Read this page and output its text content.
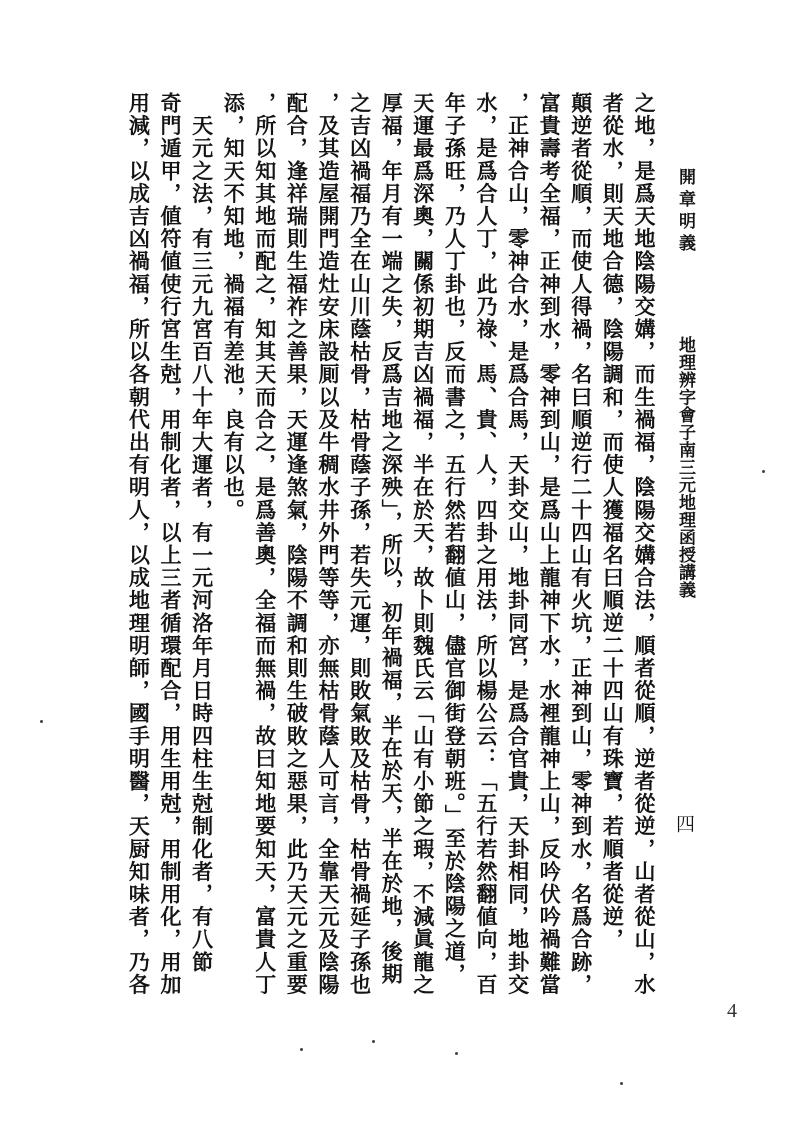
開章明義
地理辨字會子南三元地理函授講義
四
之地，是爲天地陰陽交媾，而生禍福，陰陽交媾合法，順者從順，逆者從逆，山者從山，水
者從水，則天地合德，陰陽調和，而使人獲福名曰順逆二十四山有珠寶，若順者從逆，
顛逆者從順，而使人得禍，名曰順逆行二十四山有火坑，正神到山，零神到水，名爲合跡，
富貴壽考全福，正神到水，零神到山，是爲山上龍神下水，水裡龍神上山，反吟伏吟禍難當
，正神合山，零神合水，是爲合馬，天卦交山，地卦同宮，是爲合官貴，天卦相同，地卦交
水，是爲合人丁，此乃祿、馬、貴、人，四卦之用法，所以楊公云：「五行若然翻値向，百
年子孫旺，乃人丁卦也，反而書之，五行然若翻値山，儘官御街登朝班。」至於陰陽之道，
天運最爲深奧，關係初期吉凶禍福，半在於天，故卜則魏氏云「山有小節之瑕，不減眞龍之
厚福，年月有一端之失，反爲吉地之深殃」，所以，初年禍福，半在於天，半在於地，後期
之吉凶禍福乃全在山川蔭枯骨，枯骨蔭子孫，若失元運，則敗氣敗及枯骨，枯骨禍延子孫也
，及其造屋開門造灶安床設厠以及牛稠水井外門等等，亦無枯骨蔭人可言，全靠天元及陰陽
配合，逢祥瑞則生福祚之善果，天運逢煞氣，陰陽不調和則生破敗之惡果，此乃天元之重要
，所以知其地而配之，知其天而合之，是爲善奧，全福而無禍，故曰知地要知天，富貴人丁
添，知天不知地，禍福有差池，良有以也。
　天元之法，有三元九宮百八十年大運者，有一元河洛年月日時四柱生尅制化者，有八節
奇門遁甲，値符値使行宮生尅，用制化者，以上三者循環配合，用生用尅，用制用化，用加
用減，以成吉凶禍福，所以各朝代出有明人，以成地理明師，國手明醫，天厨知味者，乃各
4
